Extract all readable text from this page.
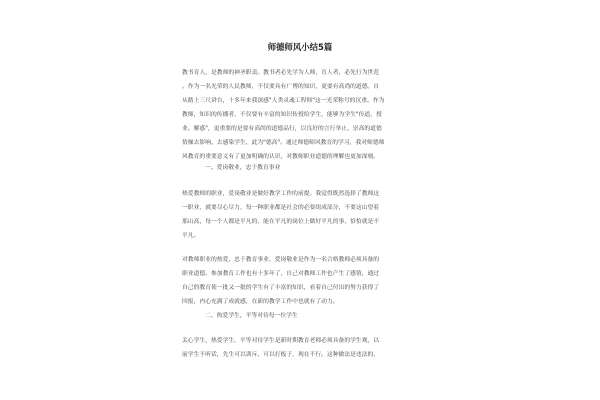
师德师风小结5篇
教书育人，是教师的神圣职责。教书者必先学为人师，育人者，必先行为世范
。作为一名光荣的人民教师，不仅要具有广博的知识，更要有高尚的道德。自
从踏上三尺讲台，十多年来我深感"人类灵魂工程师"这一光荣称号的沉重。作为
教师，知识的传播者，不仅要有丰富的知识传授给学生，能够为学生"传道、授
业、解惑"，更重要的是要有高尚的道德品行，以良好的言行举止，崇高的道德
情操去影响、去感染学生，此为"德高"。通过师德师风教育的学习，我对师德师
风教育的重要意义有了更加明确的认识，对教师职业道德的理解也更加深刻。
一、爱岗敬业，忠于教育事业
热爱教师的职业，爱岗敬业是做好教学工作的前提。我觉得既然选择了教师这
一职业，就要尽心尽力，每一种职业都是社会的必要组成部分，不要这山望着
那山高，每一个人都是平凡的，能在平凡的岗位上做好平凡的事，恰恰就是不
平凡。
对教师职业的热爱，忠于教育事业，爱岗敬业是作为一名合格教师必须具备的
职业道德。参加教育工作也有十多年了，自己对教师工作也产生了感情，通过
自己的教育使一批又一批的学生有了丰富的知识，看着自己付出的努力获得了
回报，内心充满了成就感，在新的教学工作中也就有了动力。
二、热爱学生，平等对待每一位学生
关心学生，热爱学生，平等对待学生是新时期教育老师必须具备的学生观，以
前学生不听话，先生可以训斥，可以打板子，现在不行。这种做法是违法的，
